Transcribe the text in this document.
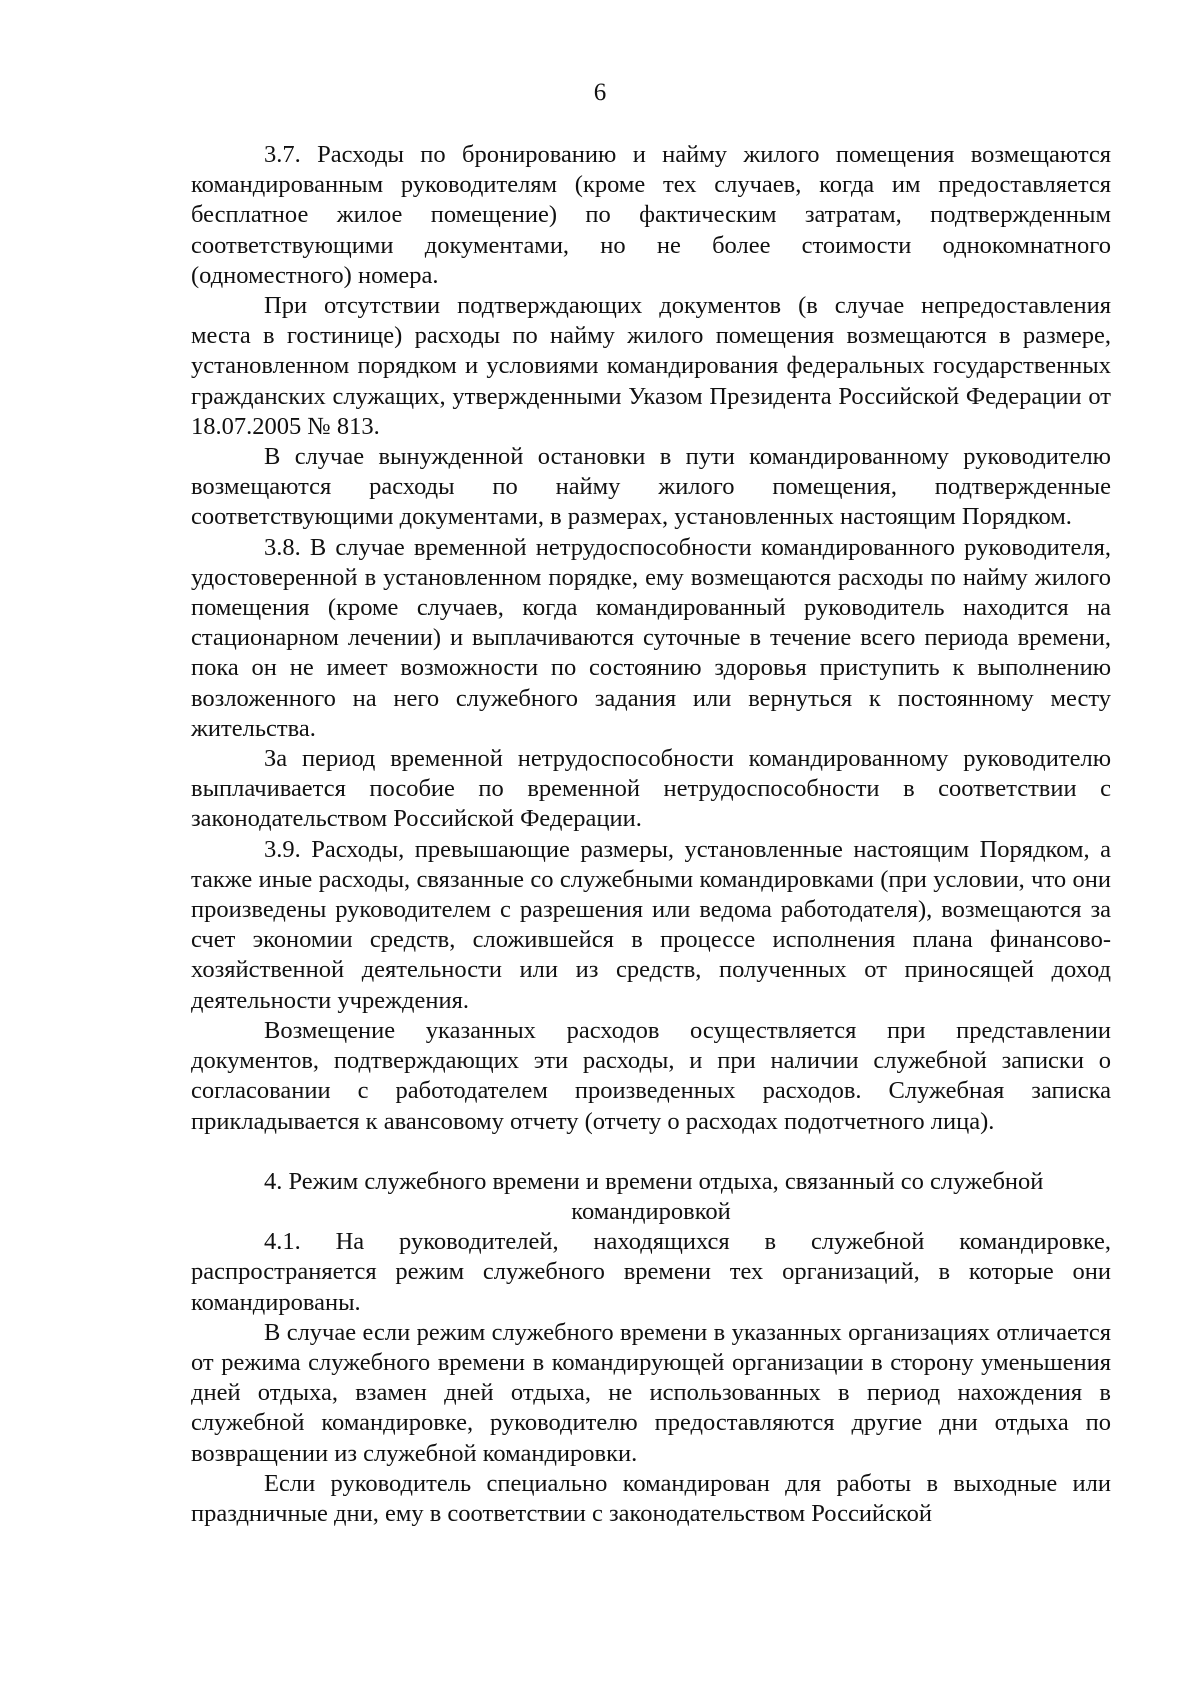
6

3.7. Расходы по бронированию и найму жилого помещения возмещаются командированным руководителям (кроме тех случаев, когда им предоставляется бесплатное жилое помещение) по фактическим затратам, подтвержденным соответствующими документами, но не более стоимости однокомнатного (одноместного) номера.

При отсутствии подтверждающих документов (в случае непредоставления места в гостинице) расходы по найму жилого помещения возмещаются в размере, установленном порядком и условиями командирования федеральных государственных гражданских служащих, утвержденными Указом Президента Российской Федерации от 18.07.2005 № 813.

В случае вынужденной остановки в пути командированному руководителю возмещаются расходы по найму жилого помещения, подтвержденные соответствующими документами, в размерах, установленных настоящим Порядком.

3.8. В случае временной нетрудоспособности командированного руководителя, удостоверенной в установленном порядке, ему возмещаются расходы по найму жилого помещения (кроме случаев, когда командированный руководитель находится на стационарном лечении) и выплачиваются суточные в течение всего периода времени, пока он не имеет возможности по состоянию здоровья приступить к выполнению возложенного на него служебного задания или вернуться к постоянному месту жительства.

За период временной нетрудоспособности командированному руководителю выплачивается пособие по временной нетрудоспособности в соответствии с законодательством Российской Федерации.

3.9. Расходы, превышающие размеры, установленные настоящим Порядком, а также иные расходы, связанные со служебными командировками (при условии, что они произведены руководителем с разрешения или ведома работодателя), возмещаются за счет экономии средств, сложившейся в процессе исполнения плана финансово-хозяйственной деятельности или из средств, полученных от приносящей доход деятельности учреждения.

Возмещение указанных расходов осуществляется при представлении документов, подтверждающих эти расходы, и при наличии служебной записки о согласовании с работодателем произведенных расходов. Служебная записка прикладывается к авансовому отчету (отчету о расходах подотчетного лица).

4. Режим служебного времени и времени отдыха, связанный со служебной
командировкой

4.1. На руководителей, находящихся в служебной командировке, распространяется режим служебного времени тех организаций, в которые они командированы.

В случае если режим служебного времени в указанных организациях отличается от режима служебного времени в командирующей организации в сторону уменьшения дней отдыха, взамен дней отдыха, не использованных в период нахождения в служебной командировке, руководителю предоставляются другие дни отдыха по возвращении из служебной командировки.

Если руководитель специально командирован для работы в выходные или праздничные дни, ему в соответствии с законодательством Российской
